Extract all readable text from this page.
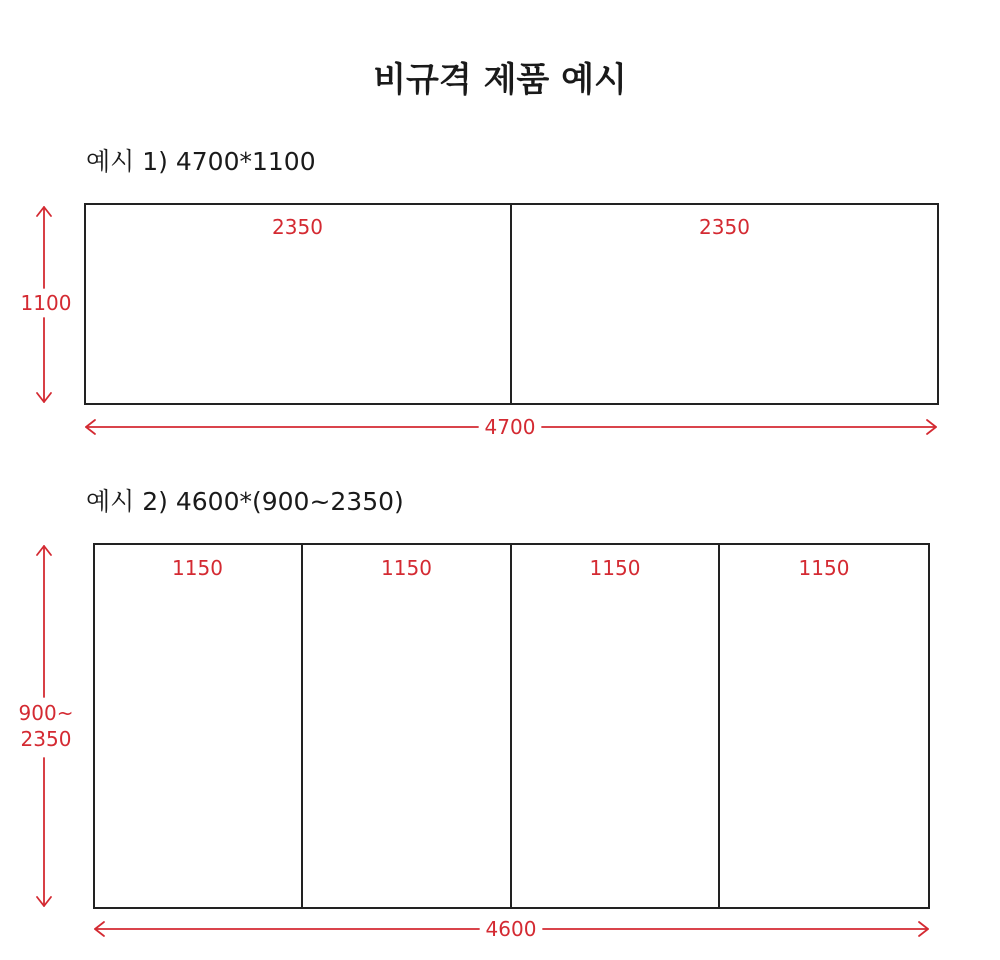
비규격 제품 예시
예시 1) 4700*1100
2350	2350
1100
4700
예시 2) 4600*(900~2350)
1150	1150	1150	1150
900~
2350
4600
